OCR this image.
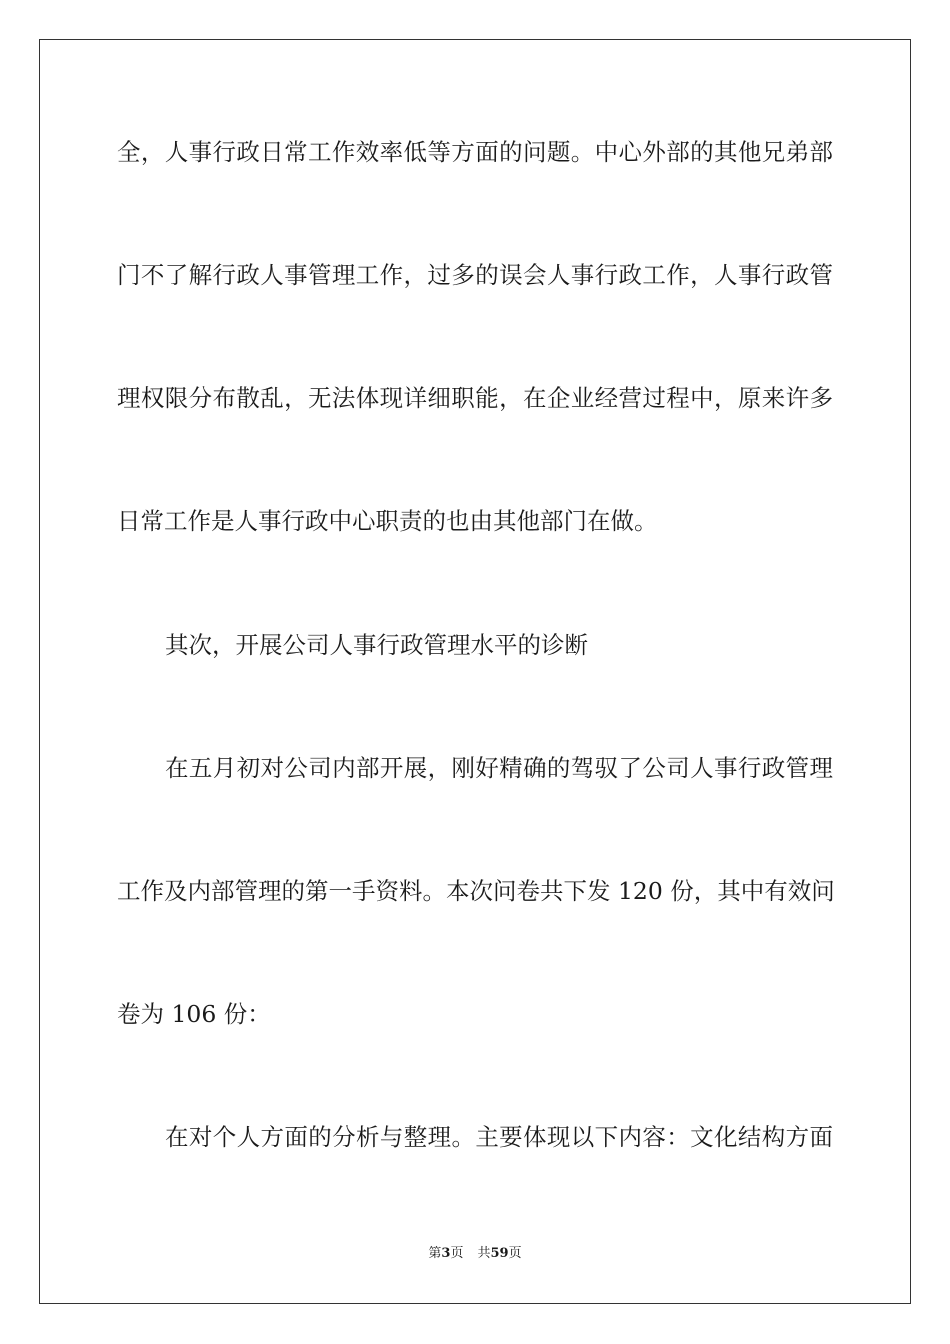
全，人事行政日常工作效率低等方面的问题。中心外部的其他兄弟部
门不了解行政人事管理工作，过多的误会人事行政工作，人事行政管
理权限分布散乱，无法体现详细职能，在企业经营过程中，原来许多
日常工作是人事行政中心职责的也由其他部门在做。
其次，开展公司人事行政管理水平的诊断
在五月初对公司内部开展，刚好精确的驾驭了公司人事行政管理
工作及内部管理的第一手资料。本次问卷共下发 120 份，其中有效问
卷为 106 份：
在对个人方面的分析与整理。主要体现以下内容：文化结构方面
第3页 共59页
